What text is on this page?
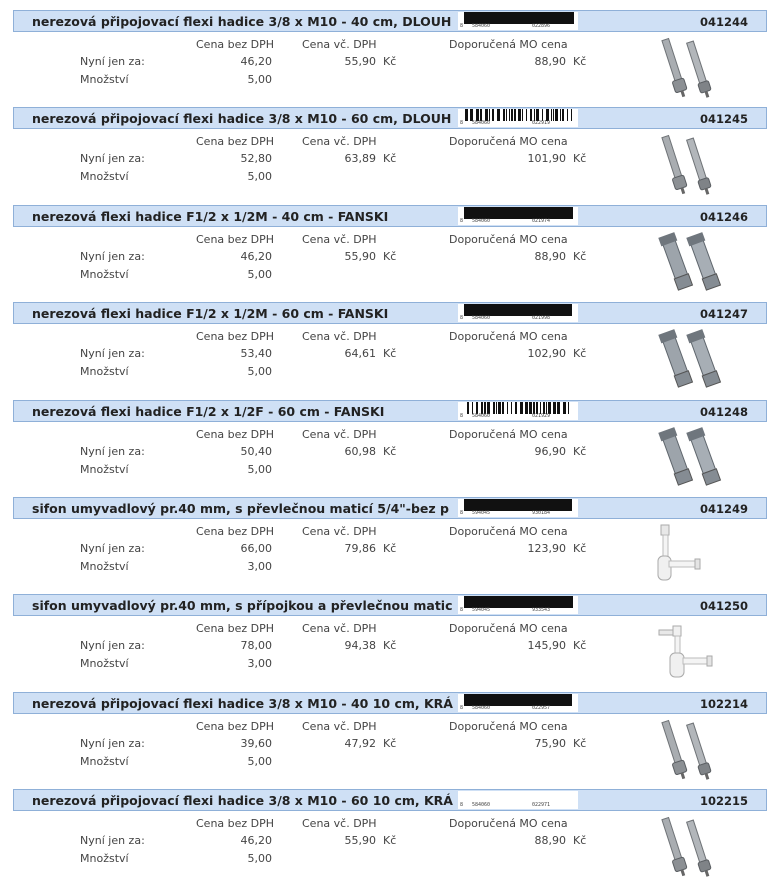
nerezová připojovací flexi hadice 3/8 x M10 - 40 cm, DLOUH	8 584060	022896	041244
Cena bez DPH	Cena vč. DPH	Doporučená MO cena
Nyní jen za:	46,20	55,90 Kč	88,90 Kč
Množství	5,00
nerezová připojovací flexi hadice 3/8 x M10 - 60 cm, DLOUH	8 584060	022919	041245
Cena bez DPH	Cena vč. DPH	Doporučená MO cena
Nyní jen za:	52,80	63,89 Kč	101,90 Kč
Množství	5,00
nerezová flexi hadice F1/2 x 1/2M - 40 cm - FANSKI	8 584060	021974	041246
Cena bez DPH	Cena vč. DPH	Doporučená MO cena
Nyní jen za:	46,20	55,90 Kč	88,90 Kč
Množství	5,00
nerezová flexi hadice F1/2 x 1/2M - 60 cm - FANSKI	8 584060	021998	041247
Cena bez DPH	Cena vč. DPH	Doporučená MO cena
Nyní jen za:	53,40	64,61 Kč	102,90 Kč
Množství	5,00
nerezová flexi hadice F1/2 x 1/2F - 60 cm - FANSKI	8 584060	021929	041248
Cena bez DPH	Cena vč. DPH	Doporučená MO cena
Nyní jen za:	50,40	60,98 Kč	96,90 Kč
Množství	5,00
sifon umyvadlový pr.40 mm, s převlečnou maticí 5/4"-bez p	8 594045	930184	041249
Cena bez DPH	Cena vč. DPH	Doporučená MO cena
Nyní jen za:	66,00	79,86 Kč	123,90 Kč
Množství	3,00
sifon umyvadlový pr.40 mm, s přípojkou a převlečnou matic	8 594045	933543	041250
Cena bez DPH	Cena vč. DPH	Doporučená MO cena
Nyní jen za:	78,00	94,38 Kč	145,90 Kč
Množství	3,00
nerezová připojovací flexi hadice 3/8 x M10 - 40 10 cm, KRÁ 8 584060	022957	102214
Cena bez DPH	Cena vč. DPH	Doporučená MO cena
Nyní jen za:	39,60	47,92 Kč	75,90 Kč
Množství	5,00
nerezová připojovací flexi hadice 3/8 x M10 - 60 10 cm, KRÁ 8 584060	022971	102215
Cena bez DPH	Cena vč. DPH	Doporučená MO cena
Nyní jen za:	46,20	55,90 Kč	88,90 Kč
Množství	5,00
